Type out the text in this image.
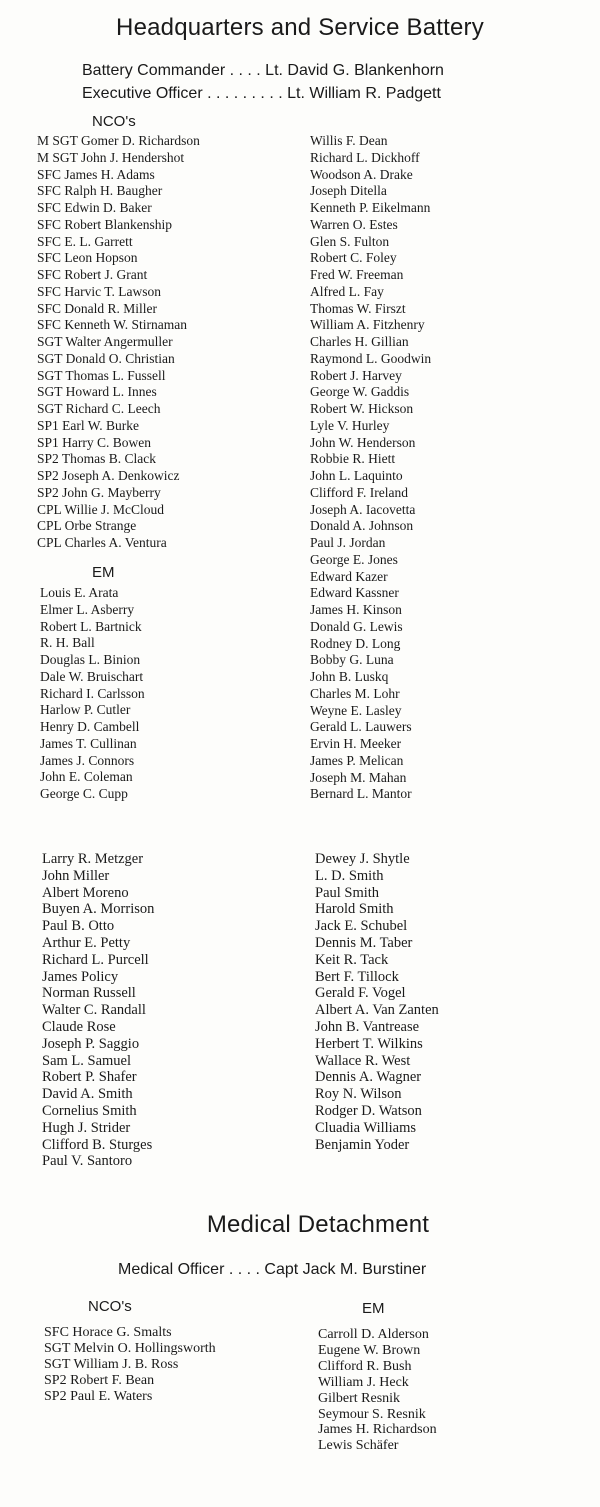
Headquarters and Service Battery
Battery Commander . . . . Lt. David G. Blankenhorn
Executive Officer . . . . . . . . . Lt. William R. Padgett
NCO's
M SGT Gomer D. Richardson
M SGT John J. Hendershot
SFC James H. Adams
SFC Ralph H. Baugher
SFC Edwin D. Baker
SFC Robert Blankenship
SFC E. L. Garrett
SFC Leon Hopson
SFC Robert J. Grant
SFC Harvic T. Lawson
SFC Donald R. Miller
SFC Kenneth W. Stirnaman
SGT Walter Angermuller
SGT Donald O. Christian
SGT Thomas L. Fussell
SGT Howard L. Innes
SGT Richard C. Leech
SP1 Earl W. Burke
SP1 Harry C. Bowen
SP2 Thomas B. Clack
SP2 Joseph A. Denkowicz
SP2 John G. Mayberry
CPL Willie J. McCloud
CPL Orbe Strange
CPL Charles A. Ventura
EM
Louis E. Arata
Elmer L. Asberry
Robert L. Bartnick
R. H. Ball
Douglas L. Binion
Dale W. Bruischart
Richard I. Carlsson
Harlow P. Cutler
Henry D. Cambell
James T. Cullinan
James J. Connors
John E. Coleman
George C. Cupp
Willis F. Dean
Richard L. Dickhoff
Woodson A. Drake
Joseph Ditella
Kenneth P. Eikelmann
Warren O. Estes
Glen S. Fulton
Robert C. Foley
Fred W. Freeman
Alfred L. Fay
Thomas W. Firszt
William A. Fitzhenry
Charles H. Gillian
Raymond L. Goodwin
Robert J. Harvey
George W. Gaddis
Robert W. Hickson
Lyle V. Hurley
John W. Henderson
Robbie R. Hiett
John L. Laquinto
Clifford F. Ireland
Joseph A. Iacovetta
Donald A. Johnson
Paul J. Jordan
George E. Jones
Edward Kazer
Edward Kassner
James H. Kinson
Donald G. Lewis
Rodney D. Long
Bobby G. Luna
John B. Luskq
Charles M. Lohr
Weyne E. Lasley
Gerald L. Lauwers
Ervin H. Meeker
James P. Melican
Joseph M. Mahan
Bernard L. Mantor
Larry R. Metzger
John Miller
Albert Moreno
Buyen A. Morrison
Paul B. Otto
Arthur E. Petty
Richard L. Purcell
James Policy
Norman Russell
Walter C. Randall
Claude Rose
Joseph P. Saggio
Sam L. Samuel
Robert P. Shafer
David A. Smith
Cornelius Smith
Hugh J. Strider
Clifford B. Sturges
Paul V. Santoro
Dewey J. Shytle
L. D. Smith
Paul Smith
Harold Smith
Jack E. Schubel
Dennis M. Taber
Keit R. Tack
Bert F. Tillock
Gerald F. Vogel
Albert A. Van Zanten
John B. Vantrease
Herbert T. Wilkins
Wallace R. West
Dennis A. Wagner
Roy N. Wilson
Rodger D. Watson
Cluadia Williams
Benjamin Yoder
Medical Detachment
Medical Officer . . . . Capt Jack M. Burstiner
NCO's	EM
SFC Horace G. Smalts
SGT Melvin O. Hollingsworth
SGT William J. B. Ross
SP2 Robert F. Bean
SP2 Paul E. Waters
Carroll D. Alderson
Eugene W. Brown
Clifford R. Bush
William J. Heck
Gilbert Resnik
Seymour S. Resnik
James H. Richardson
Lewis Schäfer
